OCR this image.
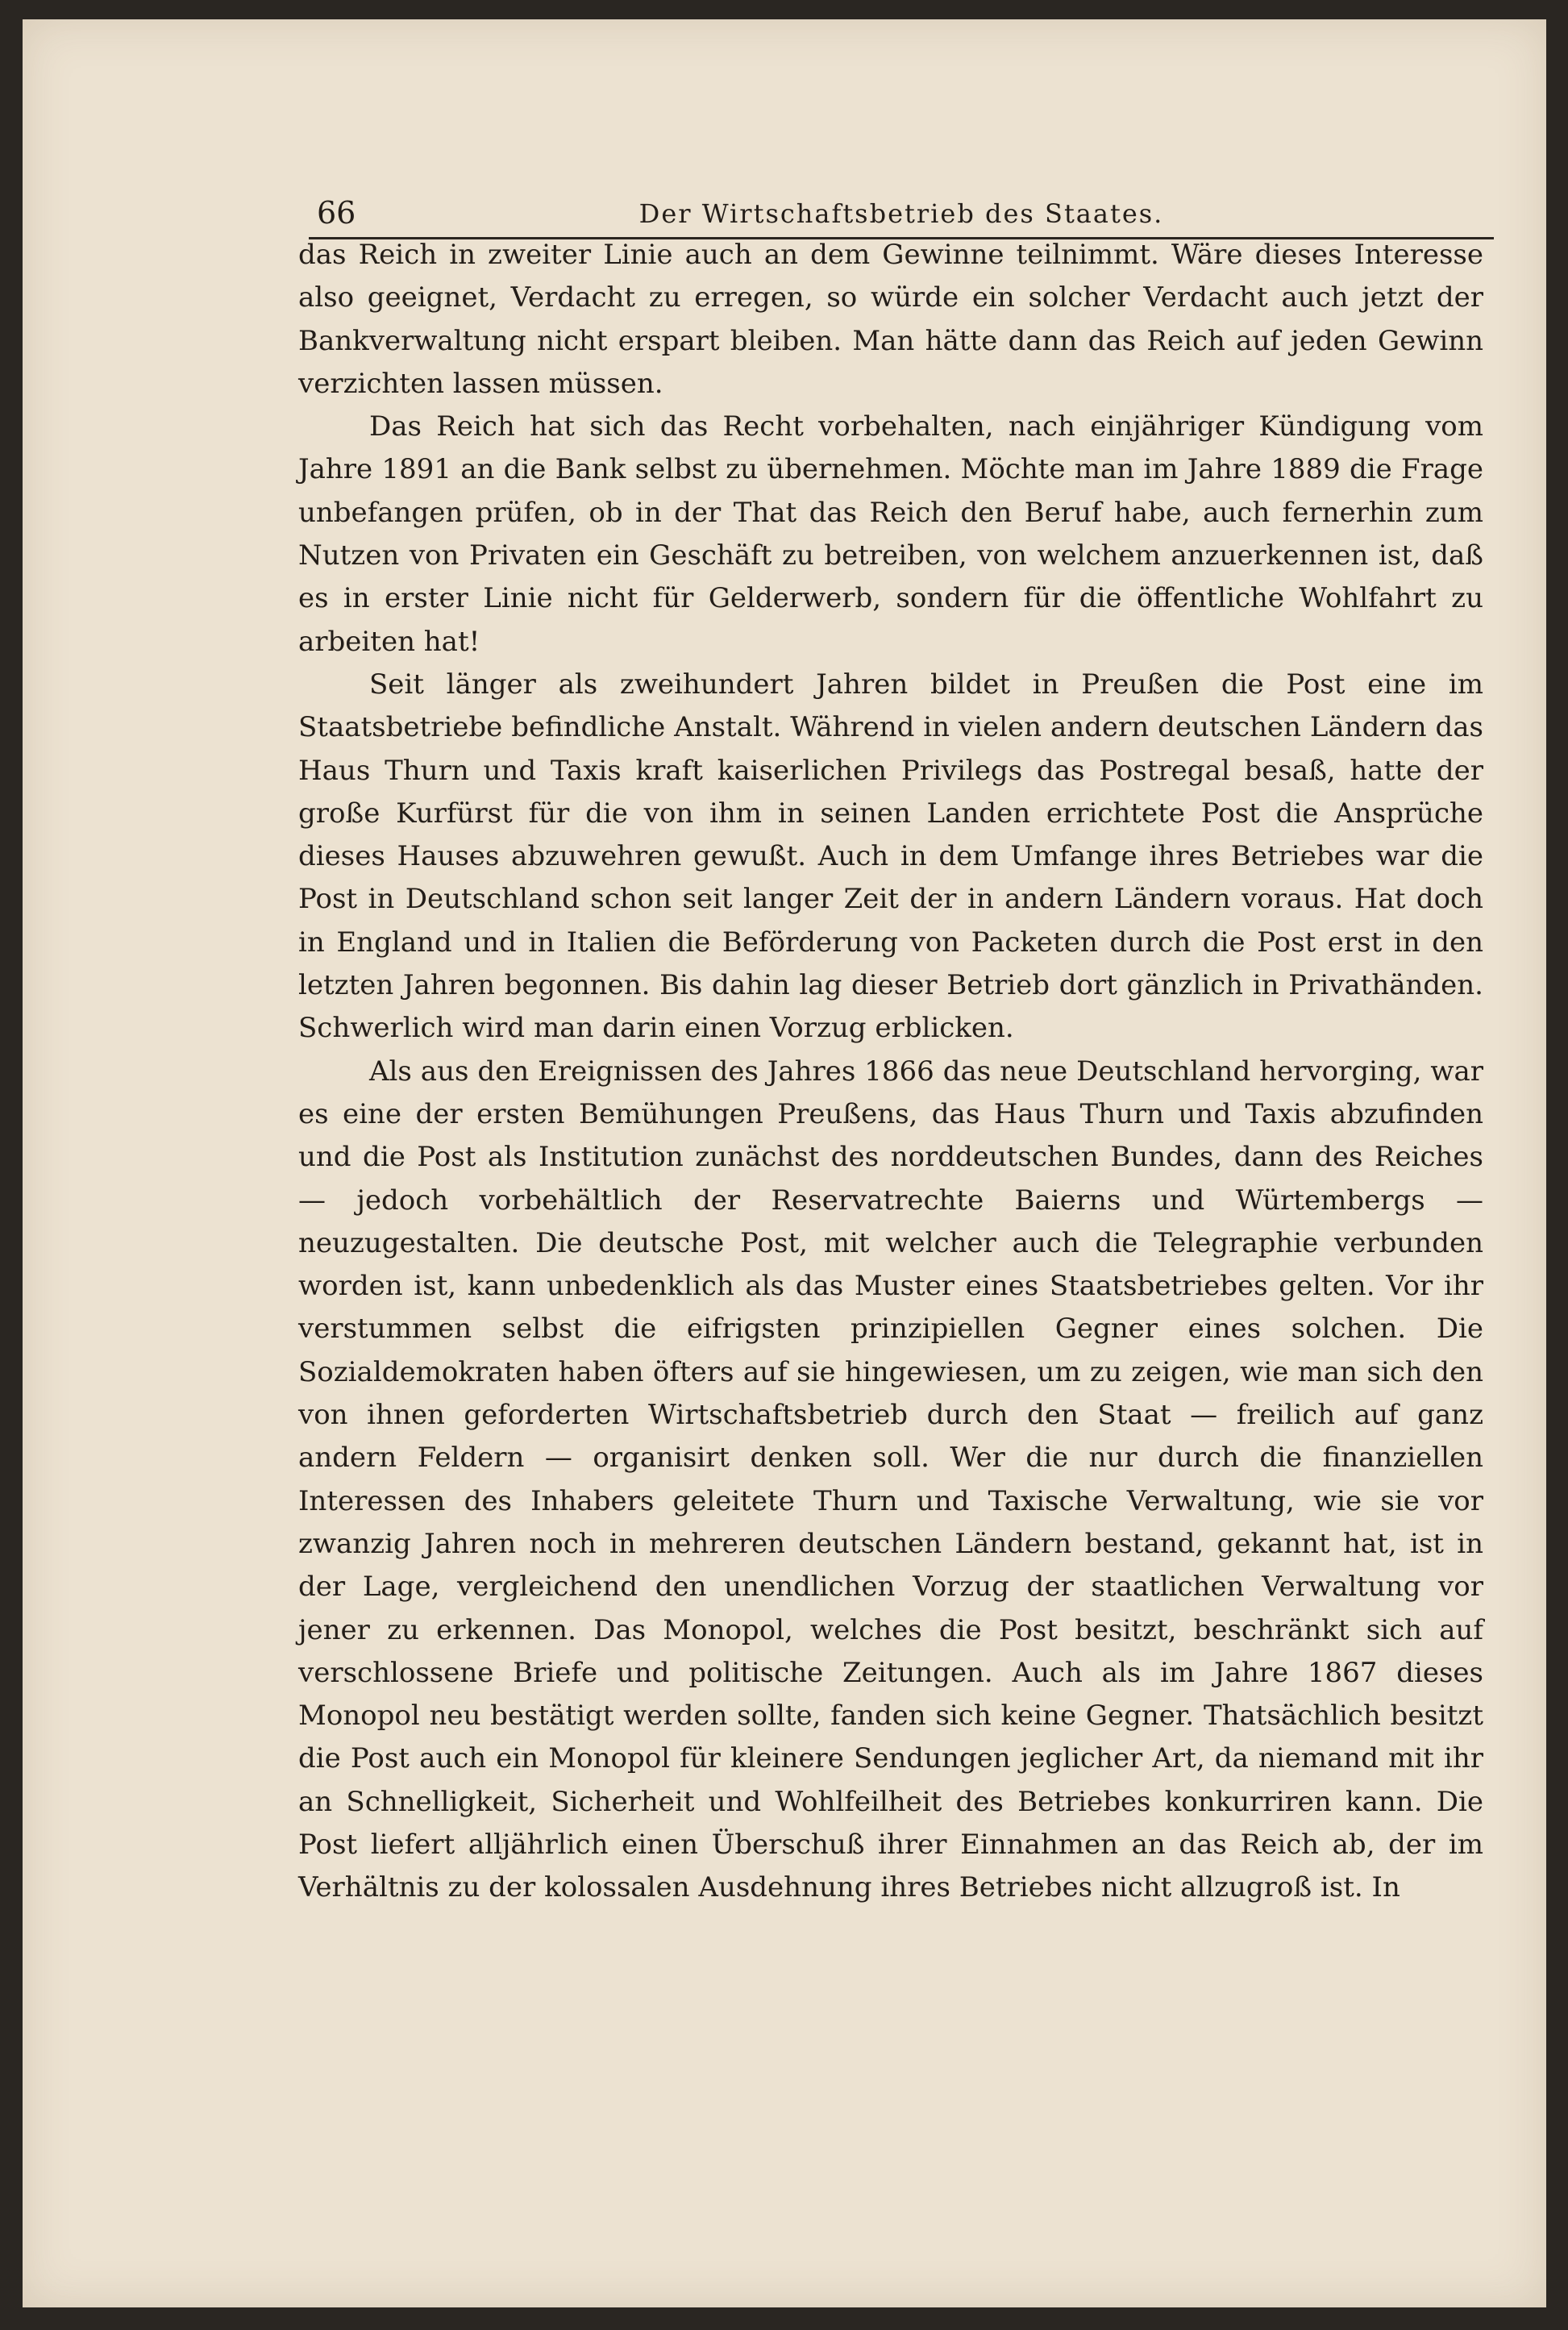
66	Der Wirtschaftsbetrieb des Staates.

das Reich in zweiter Linie auch an dem Gewinne teilnimmt. Wäre dieses Interesse also geeignet, Verdacht zu erregen, so würde ein solcher Verdacht auch jetzt der Bankverwaltung nicht erspart bleiben. Man hätte dann das Reich auf jeden Gewinn verzichten lassen müssen.

Das Reich hat sich das Recht vorbehalten, nach einjähriger Kündigung vom Jahre 1891 an die Bank selbst zu übernehmen. Möchte man im Jahre 1889 die Frage unbefangen prüfen, ob in der That das Reich den Beruf habe, auch fernerhin zum Nutzen von Privaten ein Geschäft zu betreiben, von welchem anzuerkennen ist, daß es in erster Linie nicht für Gelderwerb, sondern für die öffentliche Wohlfahrt zu arbeiten hat!

Seit länger als zweihundert Jahren bildet in Preußen die Post eine im Staatsbetriebe befindliche Anstalt. Während in vielen andern deutschen Ländern das Haus Thurn und Taxis kraft kaiserlichen Privilegs das Postregal besaß, hatte der große Kurfürst für die von ihm in seinen Landen errichtete Post die Ansprüche dieses Hauses abzuwehren gewußt. Auch in dem Umfange ihres Betriebes war die Post in Deutschland schon seit langer Zeit der in andern Ländern voraus. Hat doch in England und in Italien die Beförderung von Packeten durch die Post erst in den letzten Jahren begonnen. Bis dahin lag dieser Betrieb dort gänzlich in Privathänden. Schwerlich wird man darin einen Vorzug erblicken.

Als aus den Ereignissen des Jahres 1866 das neue Deutschland hervorging, war es eine der ersten Bemühungen Preußens, das Haus Thurn und Taxis abzufinden und die Post als Institution zunächst des norddeutschen Bundes, dann des Reiches — jedoch vorbehältlich der Reservatrechte Baierns und Würtembergs — neuzugestalten. Die deutsche Post, mit welcher auch die Telegraphie verbunden worden ist, kann unbedenklich als das Muster eines Staatsbetriebes gelten. Vor ihr verstummen selbst die eifrigsten prinzipiellen Gegner eines solchen. Die Sozialdemokraten haben öfters auf sie hingewiesen, um zu zeigen, wie man sich den von ihnen geforderten Wirtschaftsbetrieb durch den Staat — freilich auf ganz andern Feldern — organisirt denken soll. Wer die nur durch die finanziellen Interessen des Inhabers geleitete Thurn und Taxische Verwaltung, wie sie vor zwanzig Jahren noch in mehreren deutschen Ländern bestand, gekannt hat, ist in der Lage, vergleichend den unendlichen Vorzug der staatlichen Verwaltung vor jener zu erkennen. Das Monopol, welches die Post besitzt, beschränkt sich auf verschlossene Briefe und politische Zeitungen. Auch als im Jahre 1867 dieses Monopol neu bestätigt werden sollte, fanden sich keine Gegner. Thatsächlich besitzt die Post auch ein Monopol für kleinere Sendungen jeglicher Art, da niemand mit ihr an Schnelligkeit, Sicherheit und Wohlfeilheit des Betriebes konkurriren kann. Die Post liefert alljährlich einen Überschuß ihrer Einnahmen an das Reich ab, der im Verhältnis zu der kolossalen Ausdehnung ihres Betriebes nicht allzugroß ist. In
